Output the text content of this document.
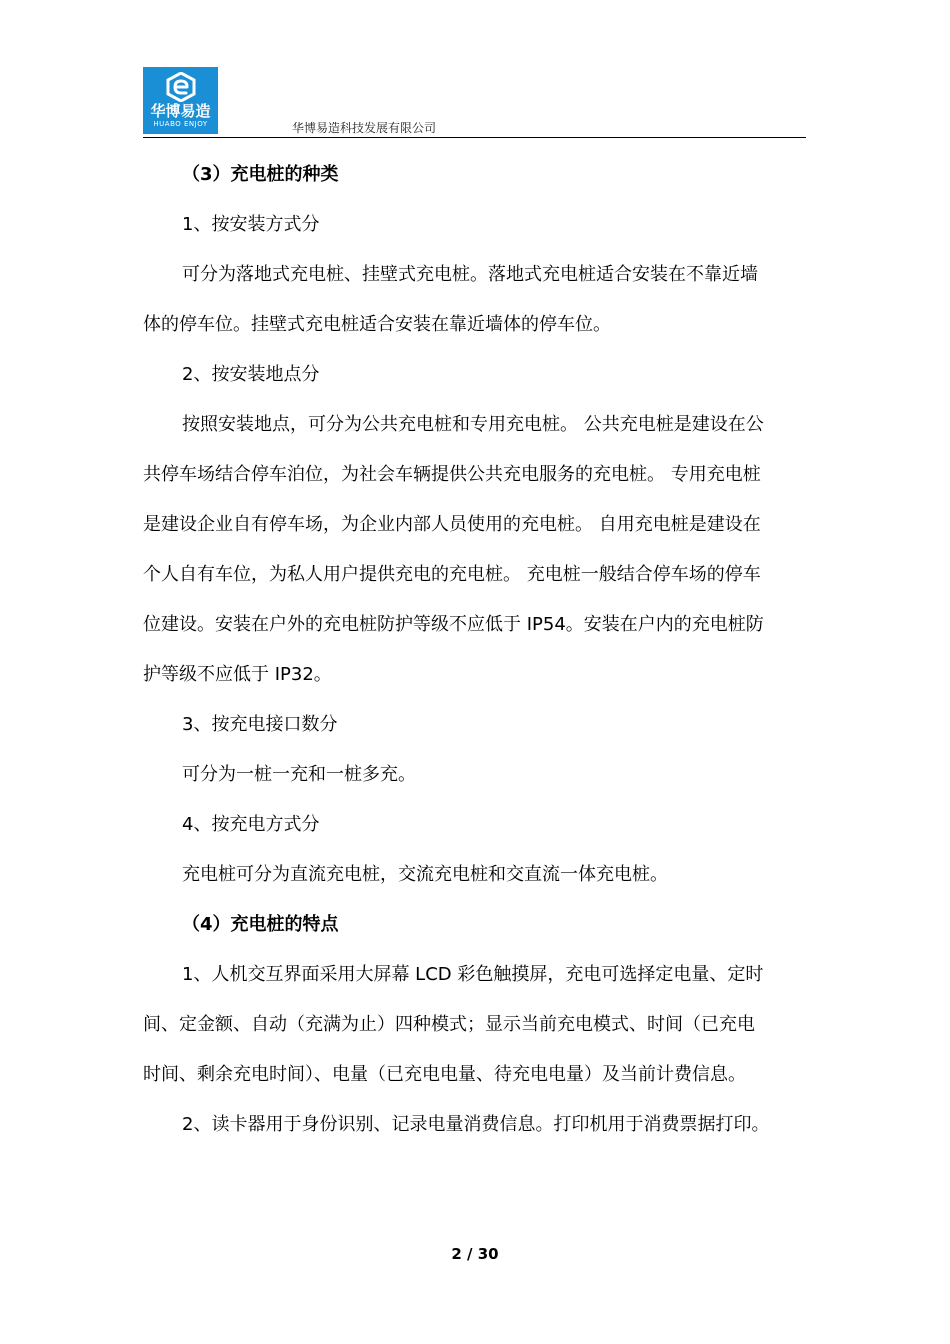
华博易造
HUABO ENJOY	华博易造科技发展有限公司
（3）充电桩的种类
1、按安装方式分
可分为落地式充电桩、挂壁式充电桩。落地式充电桩适合安装在不靠近墙
体的停车位。挂壁式充电桩适合安装在靠近墙体的停车位。
2、按安装地点分
按照安装地点，可分为公共充电桩和专用充电桩。 公共充电桩是建设在公
共停车场结合停车泊位，为社会车辆提供公共充电服务的充电桩。 专用充电桩
是建设企业自有停车场，为企业内部人员使用的充电桩。 自用充电桩是建设在
个人自有车位，为私人用户提供充电的充电桩。 充电桩一般结合停车场的停车
位建设。安装在户外的充电桩防护等级不应低于 IP54。安装在户内的充电桩防
护等级不应低于 IP32。
3、按充电接口数分
可分为一桩一充和一桩多充。
4、按充电方式分
充电桩可分为直流充电桩，交流充电桩和交直流一体充电桩。
（4）充电桩的特点
1、人机交互界面采用大屏幕 LCD 彩色触摸屏，充电可选择定电量、定时
间、定金额、自动（充满为止）四种模式；显示当前充电模式、时间（已充电
时间、剩余充电时间）、电量（已充电电量、待充电电量）及当前计费信息。
2、读卡器用于身份识别、记录电量消费信息。打印机用于消费票据打印。
2 / 30
